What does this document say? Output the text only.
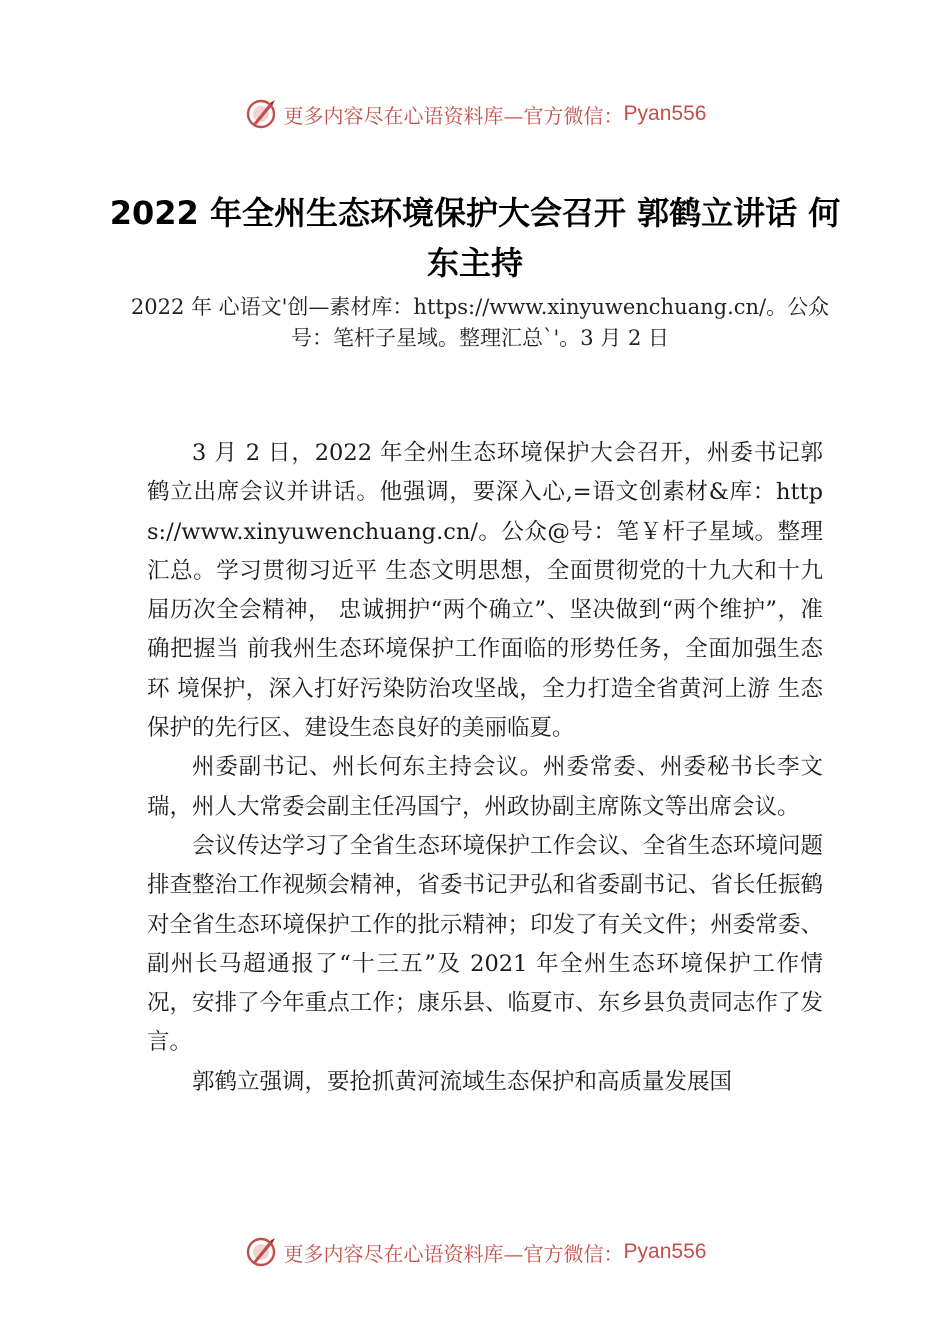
更多内容尽在心语资料库—官方微信： Pyan556
2022 年全州生态环境保护大会召开 郭鹤立讲话 何东主持
2022 年 心语文'创—素材库：https://www.xinyuwenchuang.cn/。公众号：笔杆子星域。整理汇总`'。3 月 2 日

3 月 2 日，2022 年全州生态环境保护大会召开，州委书记郭鹤立出席会议并讲话。他强调，要深入心,=语文创素材&库：https://www.xinyuwenchuang.cn/。公众@号：笔￥杆子星域。整理汇总。学习贯彻习近平 生态文明思想，全面贯彻党的十九大和十九届历次全会精神， 忠诚拥护“两个确立”、坚决做到“两个维护”，准确把握当 前我州生态环境保护工作面临的形势任务，全面加强生态环 境保护，深入打好污染防治攻坚战，全力打造全省黄河上游 生态保护的先行区、建设生态良好的美丽临夏。

州委副书记、州长何东主持会议。州委常委、州委秘书长李文瑞，州人大常委会副主任冯国宁，州政协副主席陈文等出席会议。

会议传达学习了全省生态环境保护工作会议、全省生态环境问题排查整治工作视频会精神，省委书记尹弘和省委副书记、省长任振鹤对全省生态环境保护工作的批示精神；印发了有关文件；州委常委、副州长马超通报了“十三五”及 2021 年全州生态环境保护工作情况，安排了今年重点工作；康乐县、临夏市、东乡县负责同志作了发言。

郭鹤立强调，要抢抓黄河流域生态保护和高质量发展国

更多内容尽在心语资料库—官方微信： Pyan556
